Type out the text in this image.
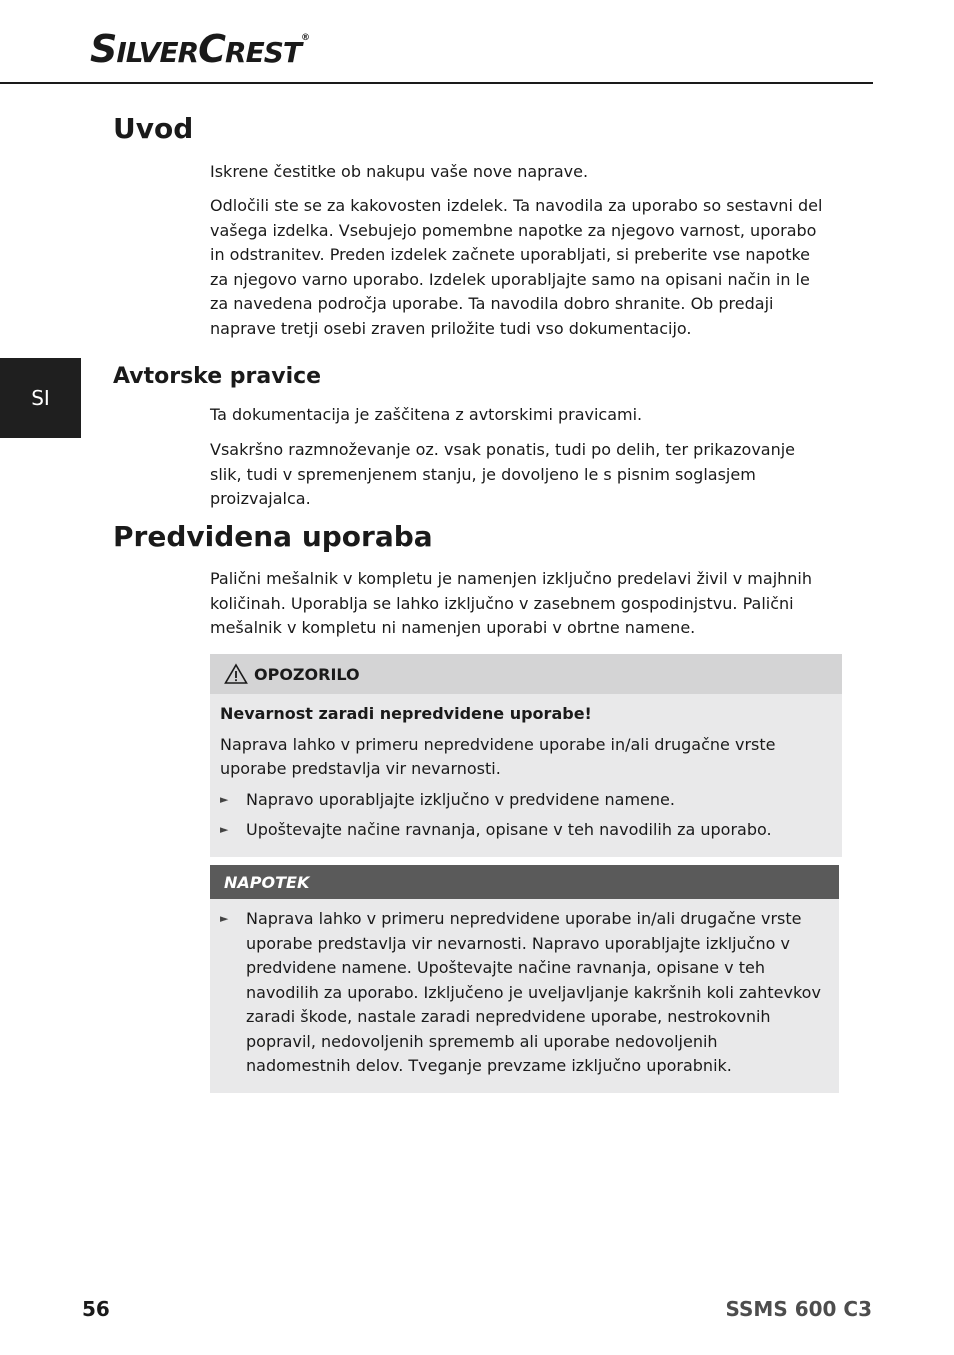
SILVERCREST®
SI
Uvod

Iskrene čestitke ob nakupu vaše nove naprave.

Odločili ste se za kakovosten izdelek. Ta navodila za uporabo so sestavni del vašega izdelka. Vsebujejo pomembne napotke za njegovo varnost, uporabo in odstranitev. Preden izdelek začnete uporabljati, si preberite vse napotke za njegovo varno uporabo. Izdelek uporabljajte samo na opisani način in le za navedena področja uporabe. Ta navodila dobro shranite. Ob predaji naprave tretji osebi zraven priložite tudi vso dokumentacijo.

Avtorske pravice

Ta dokumentacija je zaščitena z avtorskimi pravicami.

Vsakršno razmnoževanje oz. vsak ponatis, tudi po delih, ter prikazovanje slik, tudi v spremenjenem stanju, je dovoljeno le s pisnim soglasjem proizvajalca.

Predvidena uporaba

Palični mešalnik v kompletu je namenjen izključno predelavi živil v majhnih količinah. Uporablja se lahko izključno v zasebnem gospodinjstvu. Palični mešalnik v kompletu ni namenjen uporabi v obrtne namene.

OPOZORILO

Nevarnost zaradi nepredvidene uporabe!

Naprava lahko v primeru nepredvidene uporabe in/ali drugačne vrste uporabe predstavlja vir nevarnosti.

►	Napravo uporabljajte izključno v predvidene namene.
►	Upoštevajte načine ravnanja, opisane v teh navodilih za uporabo.
NAPOTEK
►	Naprava lahko v primeru nepredvidene uporabe in/ali drugačne vrste uporabe predstavlja vir nevarnosti. Napravo uporabljajte izključno v predvidene namene. Upoštevajte načine ravnanja, opisane v teh navodilih za uporabo. Izključeno je uveljavljanje kakršnih koli zahtevkov zaradi škode, nastale zaradi nepredvidene uporabe, nestrokovnih popravil, nedovoljenih sprememb ali uporabe nedovoljenih nadomestnih delov. Tveganje prevzame izključno uporabnik.
56	SSMS 600 C3
